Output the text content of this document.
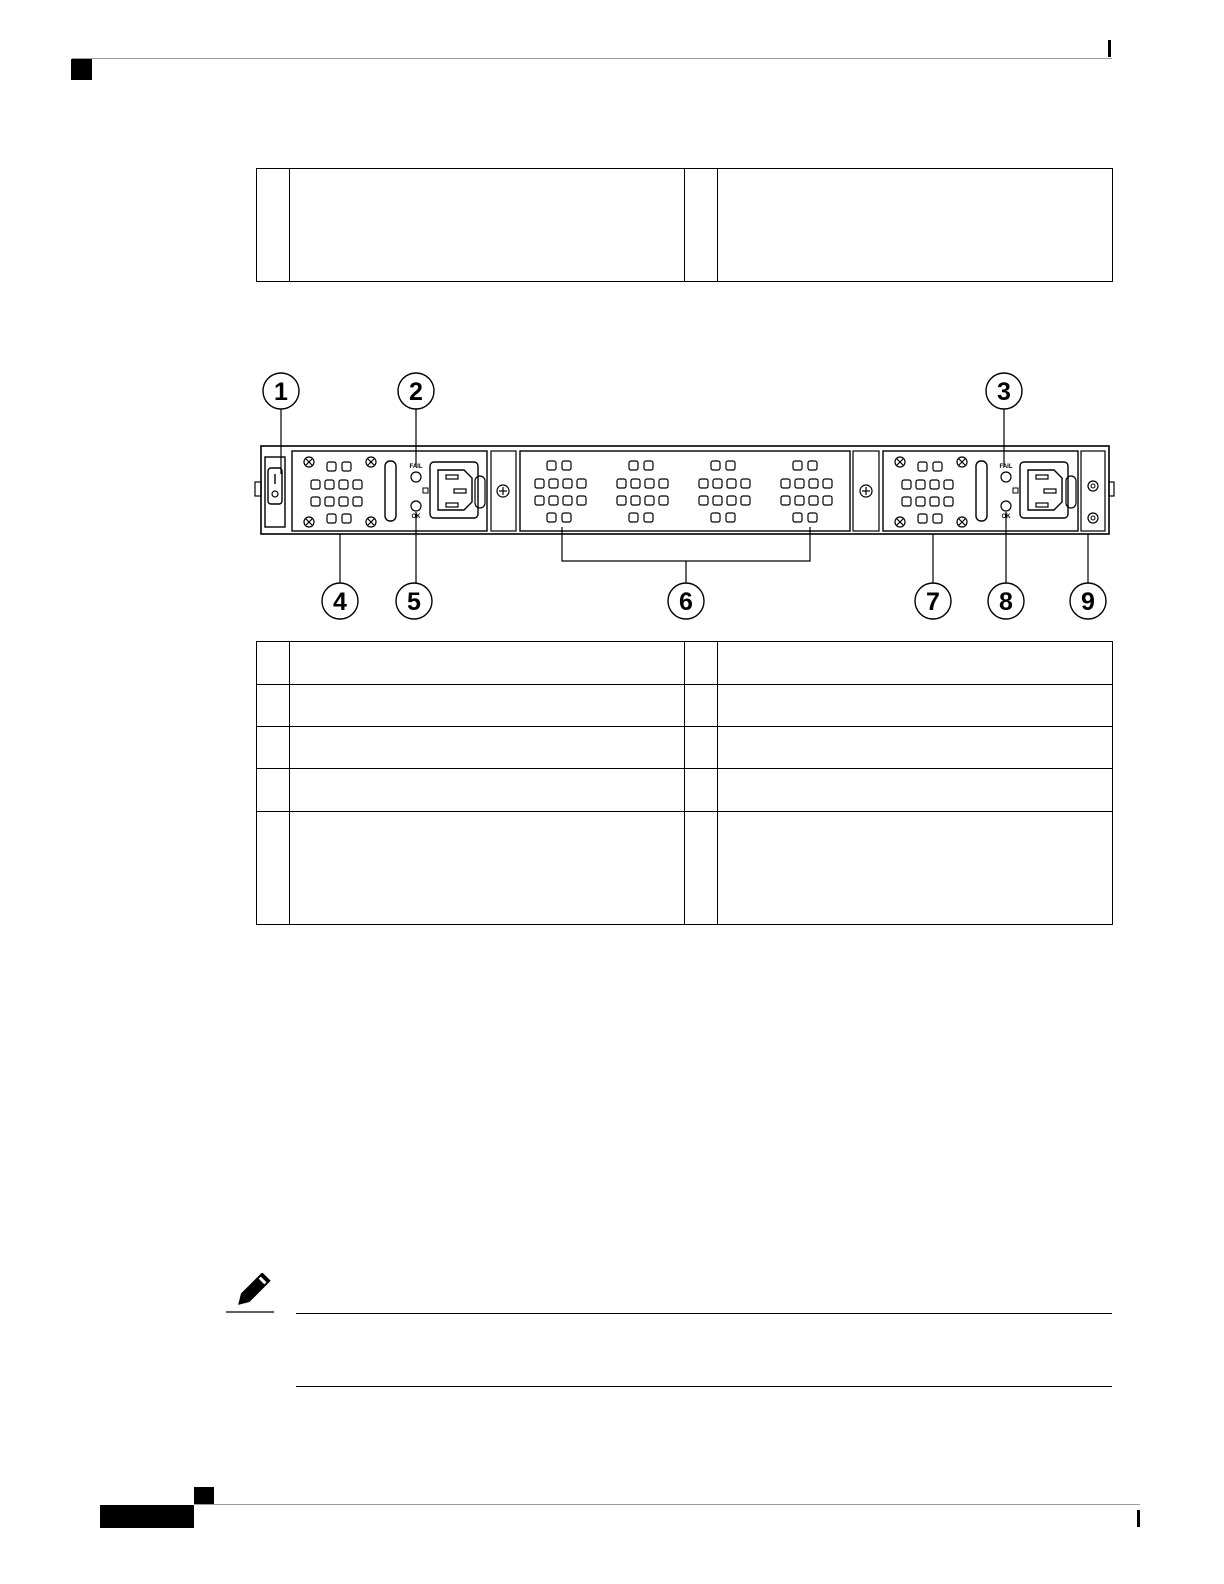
1	2	3
4 5	6	7 8	9
FAIL
OK
FAIL
OK
